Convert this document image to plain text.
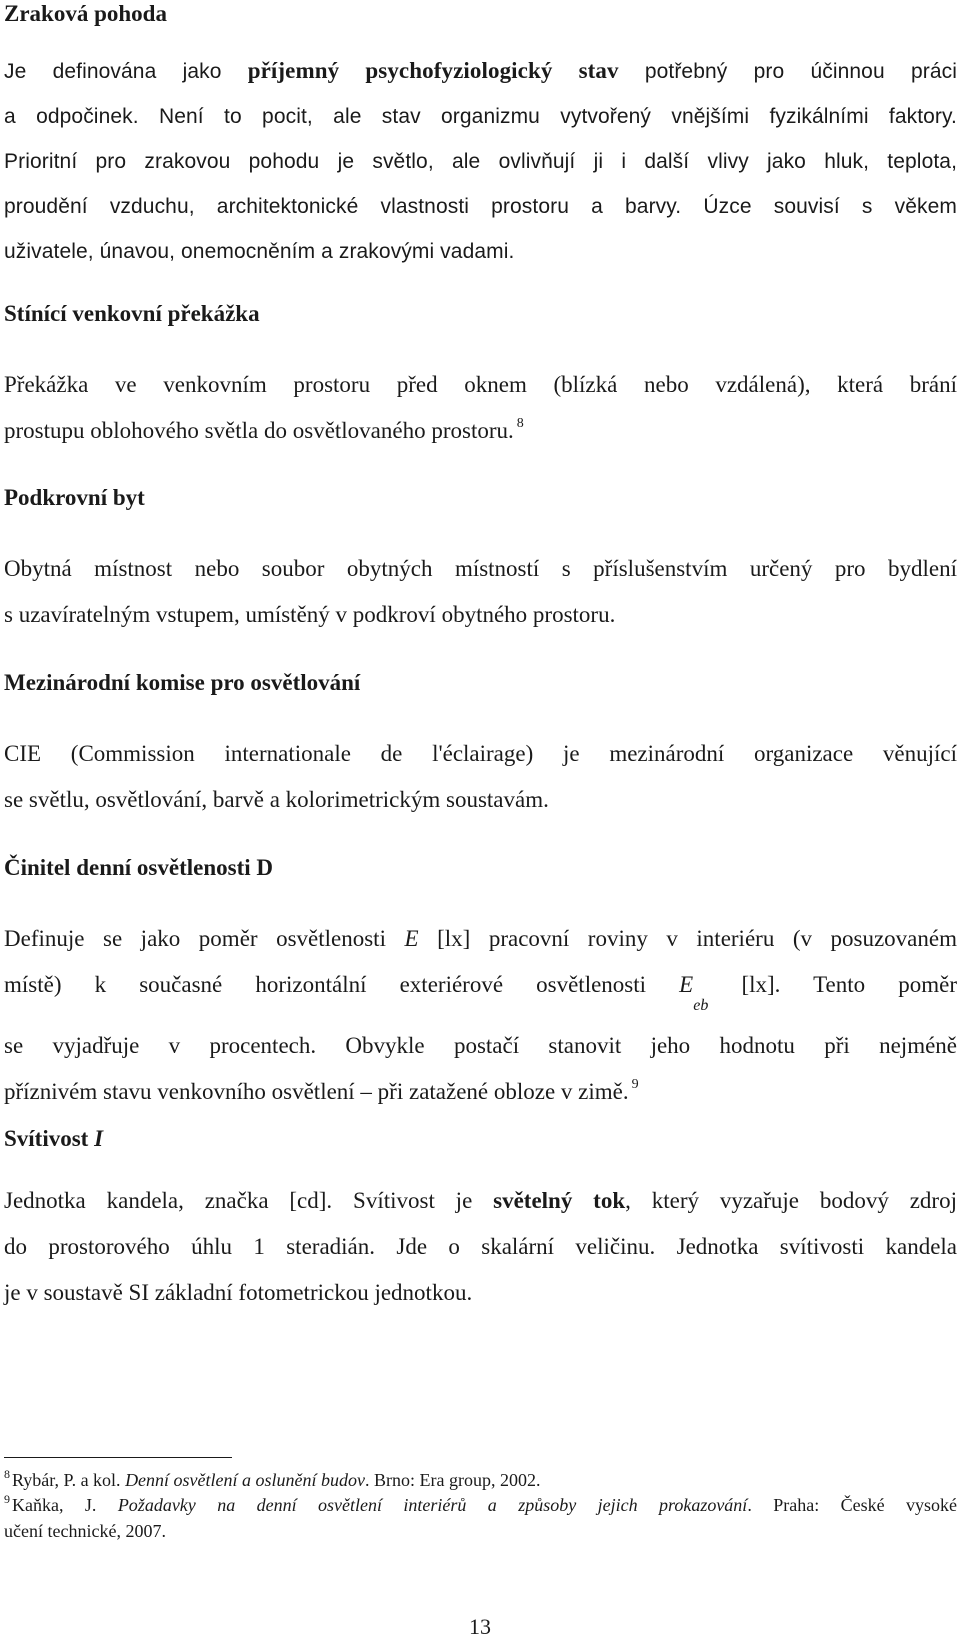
Zraková pohoda
Je definována jako příjemný psychofyziologický stav potřebný pro účinnou práci
a odpočinek. Není to pocit, ale stav organizmu vytvořený vnějšími fyzikálními faktory.
Prioritní pro zrakovou pohodu je světlo, ale ovlivňují ji i další vlivy jako hluk, teplota,
proudění vzduchu, architektonické vlastnosti prostoru a barvy. Úzce souvisí s věkem
uživatele, únavou, onemocněním a zrakovými vadami.
Stínící venkovní překážka
Překážka ve venkovním prostoru před oknem (blízká nebo vzdálená), která brání
prostupu oblohového světla do osvětlovaného prostoru. $^8$
Podkrovní byt
Obytná místnost nebo soubor obytných místností s příslušenstvím určený pro bydlení
s uzavíratelným vstupem, umístěný v podkroví obytného prostoru.
Mezinárodní komise pro osvětlování
CIE (Commission internationale de l'éclairage) je mezinárodní organizace věnující
se světlu, osvětlování, barvě a kolorimetrickým soustavám.
Činitel denní osvětlenosti D
Definuje se jako poměr osvětlenosti E [lx] pracovní roviny v interiéru (v posuzovaném
místě) k současné horizontální exteriérové osvětlenosti $E_{eb}$ [lx]. Tento poměr
se vyjadřuje v procentech. Obvykle postačí stanovit jeho hodnotu při nejméně
příznivém stavu venkovního osvětlení – při zatažené obloze v zimě. $^9$
Svítivost I
Jednotka kandela, značka [cd]. Svítivost je světelný tok, který vyzařuje bodový zdroj
do prostorového úhlu 1 steradián. Jde o skalární veličinu. Jednotka svítivosti kandela
je v soustavě SI základní fotometrickou jednotkou.

$^8$ Rybár, P. a kol. Denní osvětlení a oslunění budov. Brno: Era group, 2002.

$^9$ Kaňka, J. Požadavky na denní osvětlení interiérů a způsoby jejich prokazování. Praha: České vysoké

učení technické, 2007.

13
